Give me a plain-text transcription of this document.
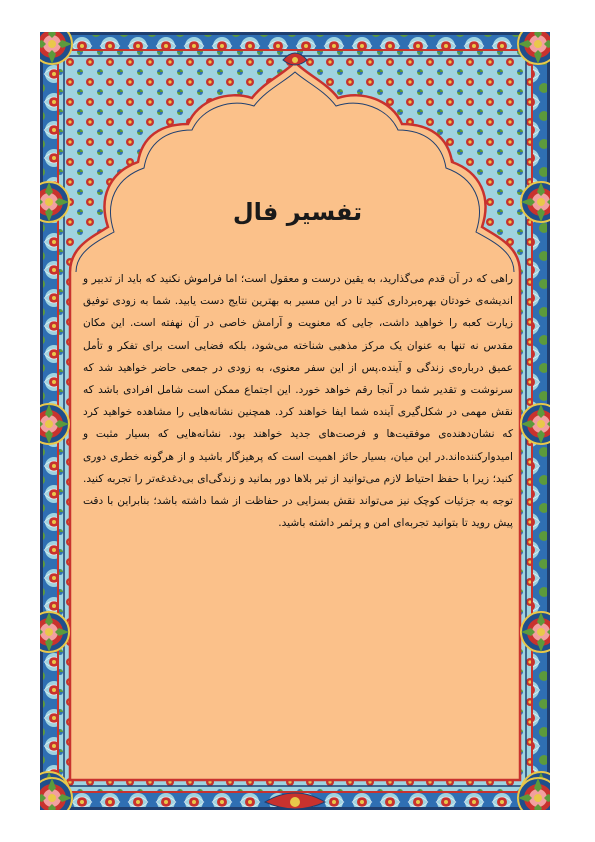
تفسیر فال

راهی که در آن قدم می‌گذارید، به یقین درست و معقول است؛ اما فراموش نکنید که باید از تدبیر و اندیشه‌ی خودتان بهره‌برداری کنید تا در این مسیر به بهترین نتایج دست یابید. شما به زودی توفیق زیارت کعبه را خواهید داشت، جایی که معنویت و آرامش خاصی در آن نهفته است. این مکان مقدس نه تنها به عنوان یک مرکز مذهبی شناخته می‌شود، بلکه فضایی است برای تفکر و تأمل عمیق درباره‌ی زندگی و آینده.پس از این سفر معنوی، به زودی در جمعی حاضر خواهید شد که سرنوشت و تقدیر شما در آنجا رقم خواهد خورد. این اجتماع ممکن است شامل افرادی باشد که نقش مهمی در شکل‌گیری آینده شما ایفا خواهند کرد. همچنین نشانه‌هایی را مشاهده خواهید کرد که نشان‌دهنده‌ی موفقیت‌ها و فرصت‌های جدید خواهند بود. نشانه‌هایی که بسیار مثبت و امیدوارکننده‌اند.در این میان، بسیار حائز اهمیت است که پرهیزگار باشید و از هرگونه خطری دوری کنید؛ زیرا با حفظ احتیاط لازم می‌توانید از تیر بلاها دور بمانید و زندگی‌ای بی‌دغدغه‌تر را تجربه کنید. توجه به جزئیات کوچک نیز می‌تواند نقش بسزایی در حفاظت از شما داشته باشد؛ بنابراین با دقت پیش روید تا بتوانید تجربه‌ای امن و پرثمر داشته باشید.
